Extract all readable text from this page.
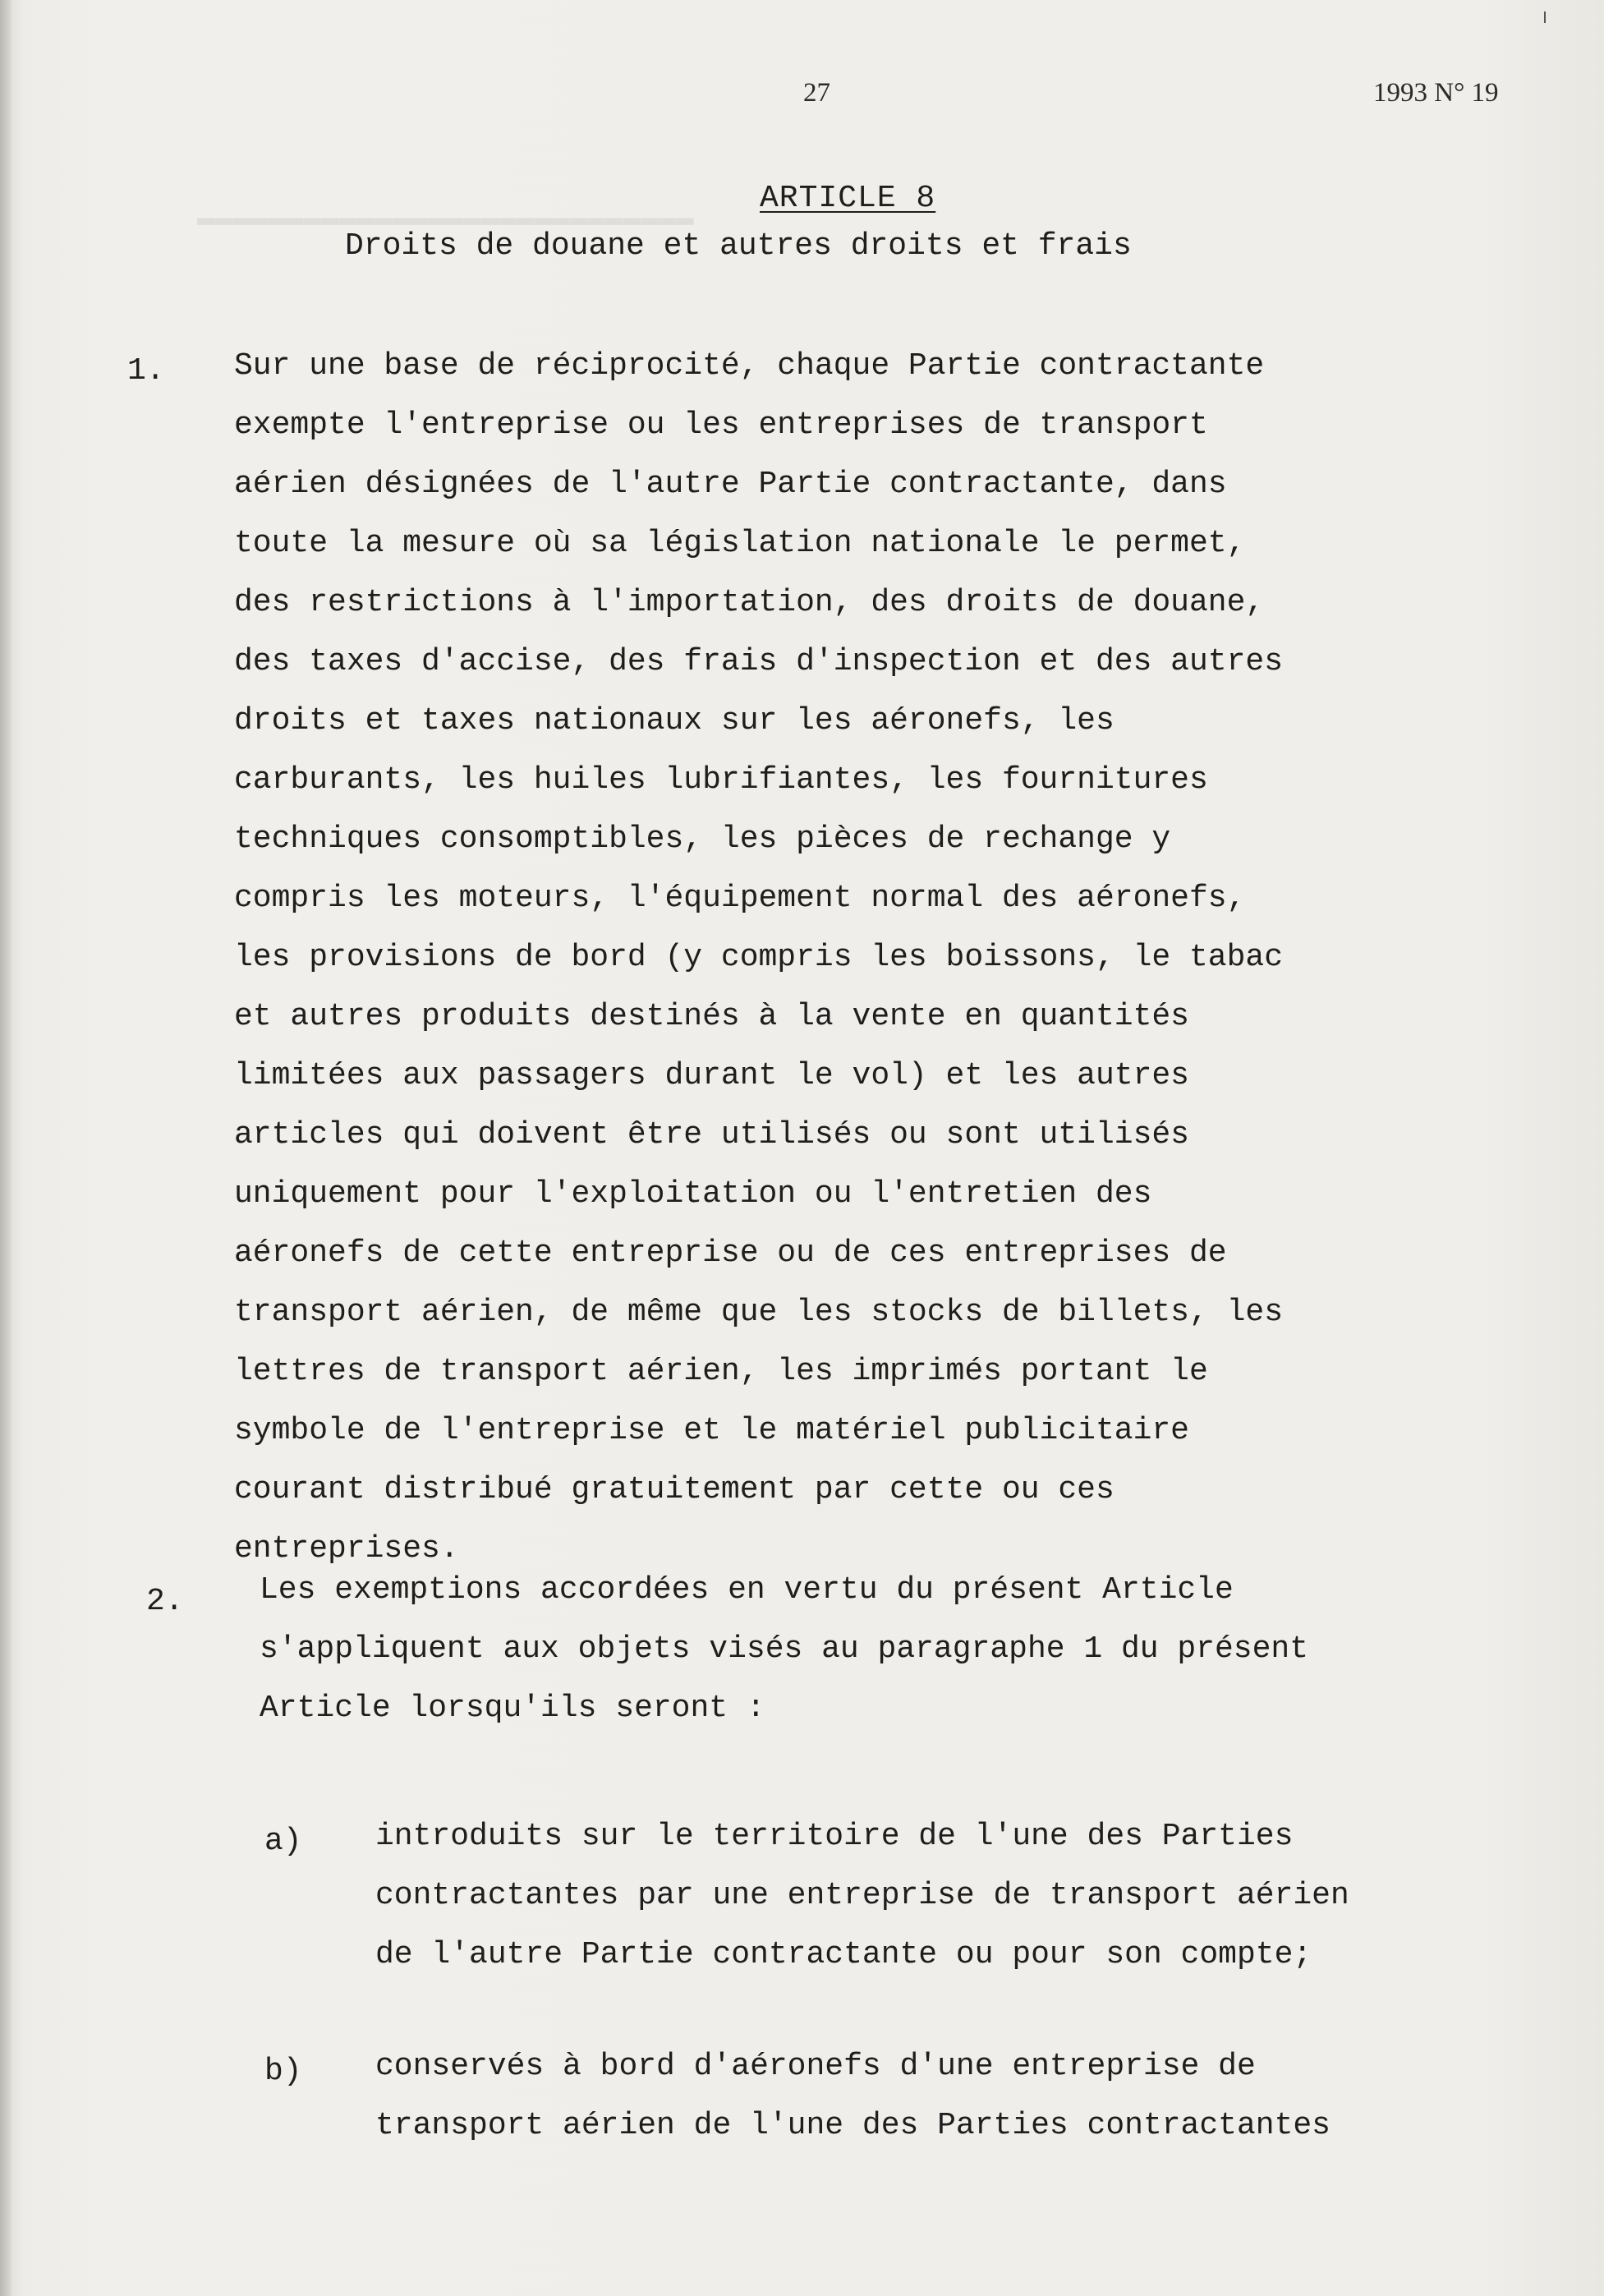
27	1993 N° 19
ARTICLE 8
Droits de douane et autres droits et frais
1. Sur une base de réciprocité, chaque Partie contractante
exempte l'entreprise ou les entreprises de transport
aérien désignées de l'autre Partie contractante, dans
toute la mesure où sa législation nationale le permet,
des restrictions à l'importation, des droits de douane,
des taxes d'accise, des frais d'inspection et des autres
droits et taxes nationaux sur les aéronefs, les
carburants, les huiles lubrifiantes, les fournitures
techniques consomptibles, les pièces de rechange y
compris les moteurs, l'équipement normal des aéronefs,
les provisions de bord (y compris les boissons, le tabac
et autres produits destinés à la vente en quantités
limitées aux passagers durant le vol) et les autres
articles qui doivent être utilisés ou sont utilisés
uniquement pour l'exploitation ou l'entretien des
aéronefs de cette entreprise ou de ces entreprises de
transport aérien, de même que les stocks de billets, les
lettres de transport aérien, les imprimés portant le
symbole de l'entreprise et le matériel publicitaire
courant distribué gratuitement par cette ou ces
entreprises.
2. Les exemptions accordées en vertu du présent Article
s'appliquent aux objets visés au paragraphe 1 du présent
Article lorsqu'ils seront :
a) introduits sur le territoire de l'une des Parties
contractantes par une entreprise de transport aérien
de l'autre Partie contractante ou pour son compte;
b) conservés à bord d'aéronefs d'une entreprise de
transport aérien de l'une des Parties contractantes
